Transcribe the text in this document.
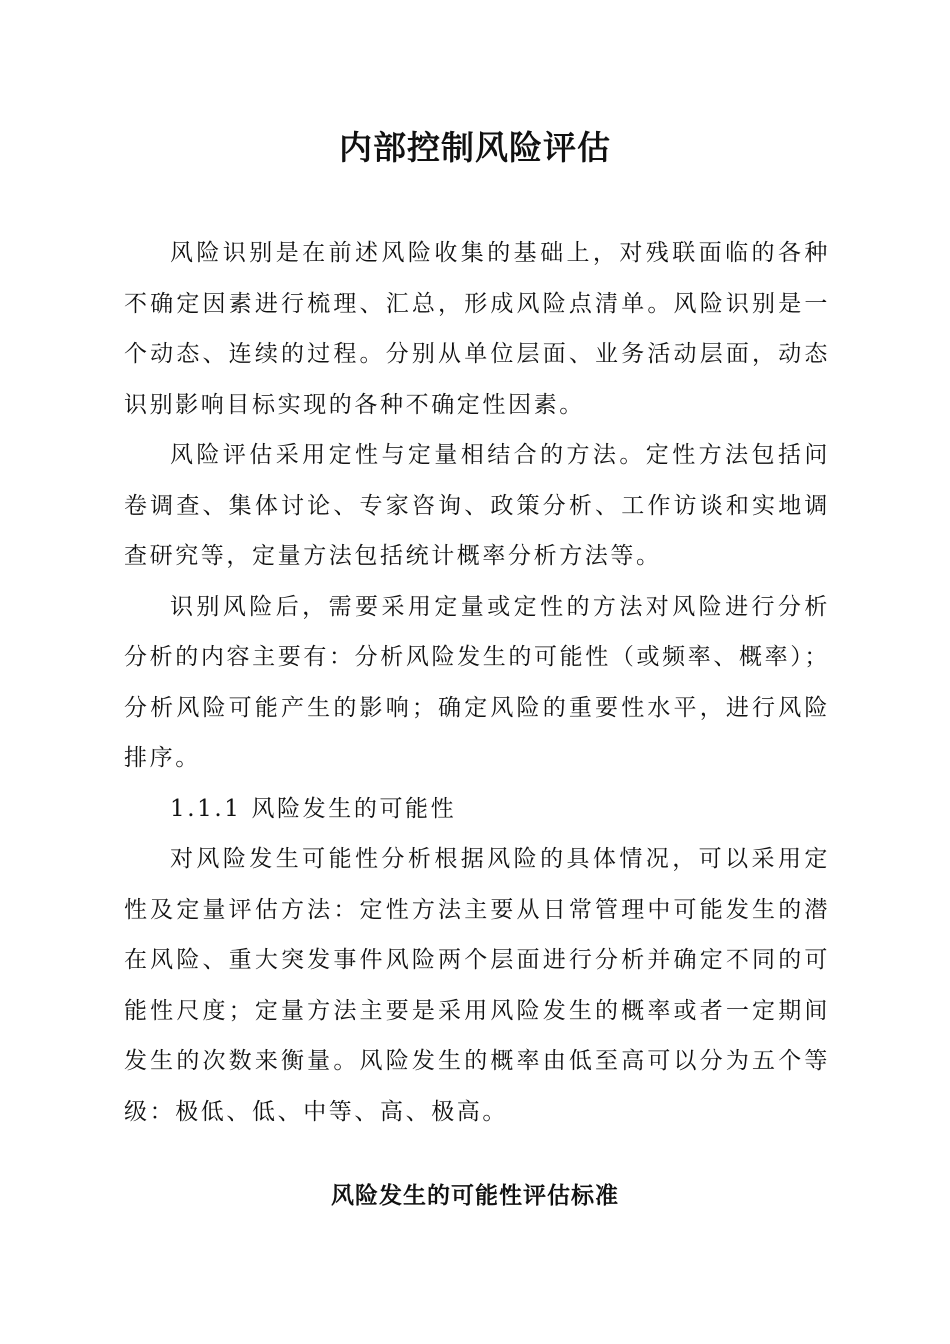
内部控制风险评估

风险识别是在前述风险收集的基础上，对残联面临的各种不确定因素进行梳理、汇总，形成风险点清单。风险识别是一个动态、连续的过程。分别从单位层面、业务活动层面，动态识别影响目标实现的各种不确定性因素。

风险评估采用定性与定量相结合的方法。定性方法包括问卷调查、集体讨论、专家咨询、政策分析、工作访谈和实地调查研究等，定量方法包括统计概率分析方法等。

识别风险后，需要采用定量或定性的方法对风险进行分析分析的内容主要有：分析风险发生的可能性（或频率、概率）；分析风险可能产生的影响；确定风险的重要性水平，进行风险排序。

1.1.1 风险发生的可能性

对风险发生可能性分析根据风险的具体情况，可以采用定性及定量评估方法：定性方法主要从日常管理中可能发生的潜在风险、重大突发事件风险两个层面进行分析并确定不同的可能性尺度；定量方法主要是采用风险发生的概率或者一定期间发生的次数来衡量。风险发生的概率由低至高可以分为五个等级：极低、低、中等、高、极高。

风险发生的可能性评估标准
